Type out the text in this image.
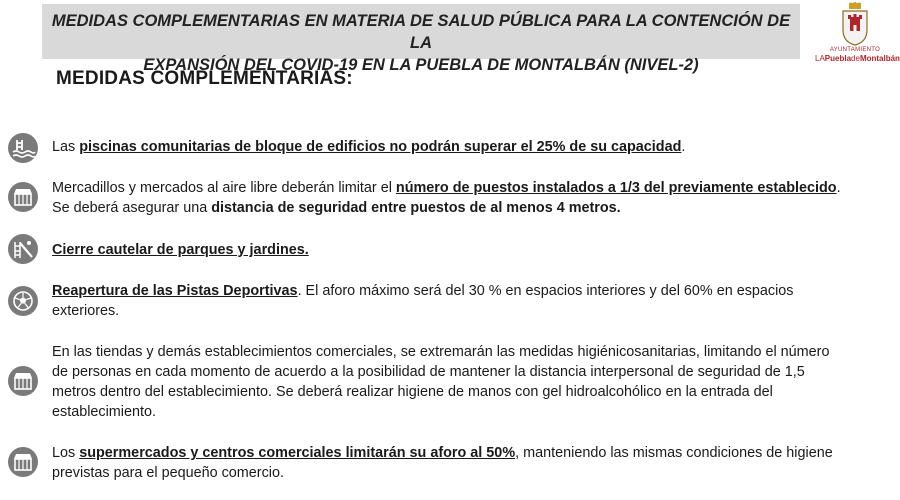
MEDIDAS COMPLEMENTARIAS EN MATERIA DE SALUD PÚBLICA PARA LA CONTENCIÓN DE LA
EXPANSIÓN DEL COVID-19 EN LA PUEBLA DE MONTALBÁN (NIVEL-2)
AYUNTAMIENTO
LAPuebladeMontalbán
MEDIDAS COMPLEMENTARIAS:
Las piscinas comunitarias de bloque de edificios no podrán superar el 25% de su capacidad.
Mercadillos y mercados al aire libre deberán limitar el número de puestos instalados a 1/3 del previamente establecido.
Se deberá asegurar una distancia de seguridad entre puestos de al menos 4 metros.
Cierre cautelar de parques y jardines.
Reapertura de las Pistas Deportivas. El aforo máximo será del 30 % en espacios interiores y del 60% en espacios
exteriores.
En las tiendas y demás establecimientos comerciales, se extremarán las medidas higiénicosanitarias, limitando el número
de personas en cada momento de acuerdo a la posibilidad de mantener la distancia interpersonal de seguridad de 1,5
metros dentro del establecimiento. Se deberá realizar higiene de manos con gel hidroalcohólico en la entrada del
establecimiento.
Los supermercados y centros comerciales limitarán su aforo al 50%, manteniendo las mismas condiciones de higiene
previstas para el pequeño comercio.
